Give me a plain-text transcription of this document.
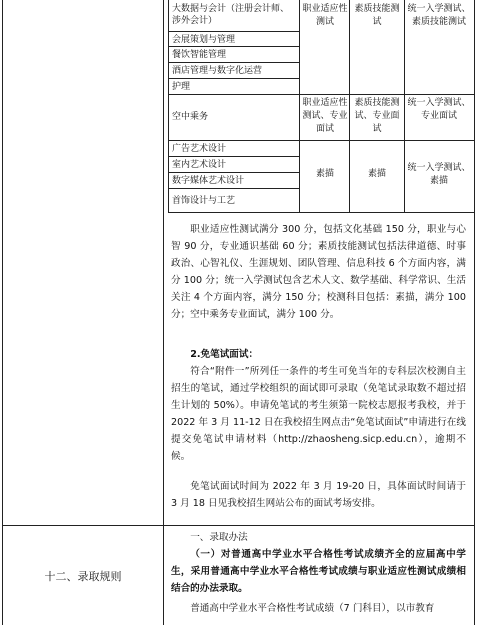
大数据与会计（注册会计师、涉外会计）
会展策划与管理
餐饮智能管理
酒店管理与数字化运营
护理
空中乘务
广告艺术设计
室内艺术设计
数字媒体艺术设计
首饰设计与工艺
职业适应性测试
素质技能测试
统一入学测试、素质技能测试
职业适应性测试、专业面试
素质技能测试、专业面试
统一入学测试、专业面试
素描	素描
统一入学测试、素描

职业适应性测试满分 300 分，包括文化基础 150 分，职业与心智 90 分，专业通识基础 60 分；素质技能测试包括法律道德、时事政治、心智礼仪、生涯规划、团队管理、信息科技 6 个方面内容，满分 100 分；统一入学测试包含艺术人文、数学基础、科学常识、生活关注 4 个方面内容，满分 150 分；校测科目包括：素描，满分 100 分；空中乘务专业面试，满分 100 分。

2.免笔试面试：

符合“附件一”所列任一条件的考生可免当年的专科层次校测自主招生的笔试，通过学校组织的面试即可录取（免笔试录取数不超过招生计划的 50%）。申请免笔试的考生须第一院校志愿报考我校，并于 2022 年 3 月 11-12 日在我校招生网点击“免笔试面试”申请进行在线提交免笔试申请材料（http://zhaosheng.sicp.edu.cn），逾期不候。

免笔试面试时间为 2022 年 3 月 19-20 日，具体面试时间请于 3 月 18 日见我校招生网站公布的面试考场安排。

十二、录取规则

一、录取办法

（一）对普通高中学业水平合格性考试成绩齐全的应届高中学生，采用普通高中学业水平合格性考试成绩与职业适应性测试成绩相结合的办法录取。

普通高中学业水平合格性考试成绩（7 门科目），以市教育
